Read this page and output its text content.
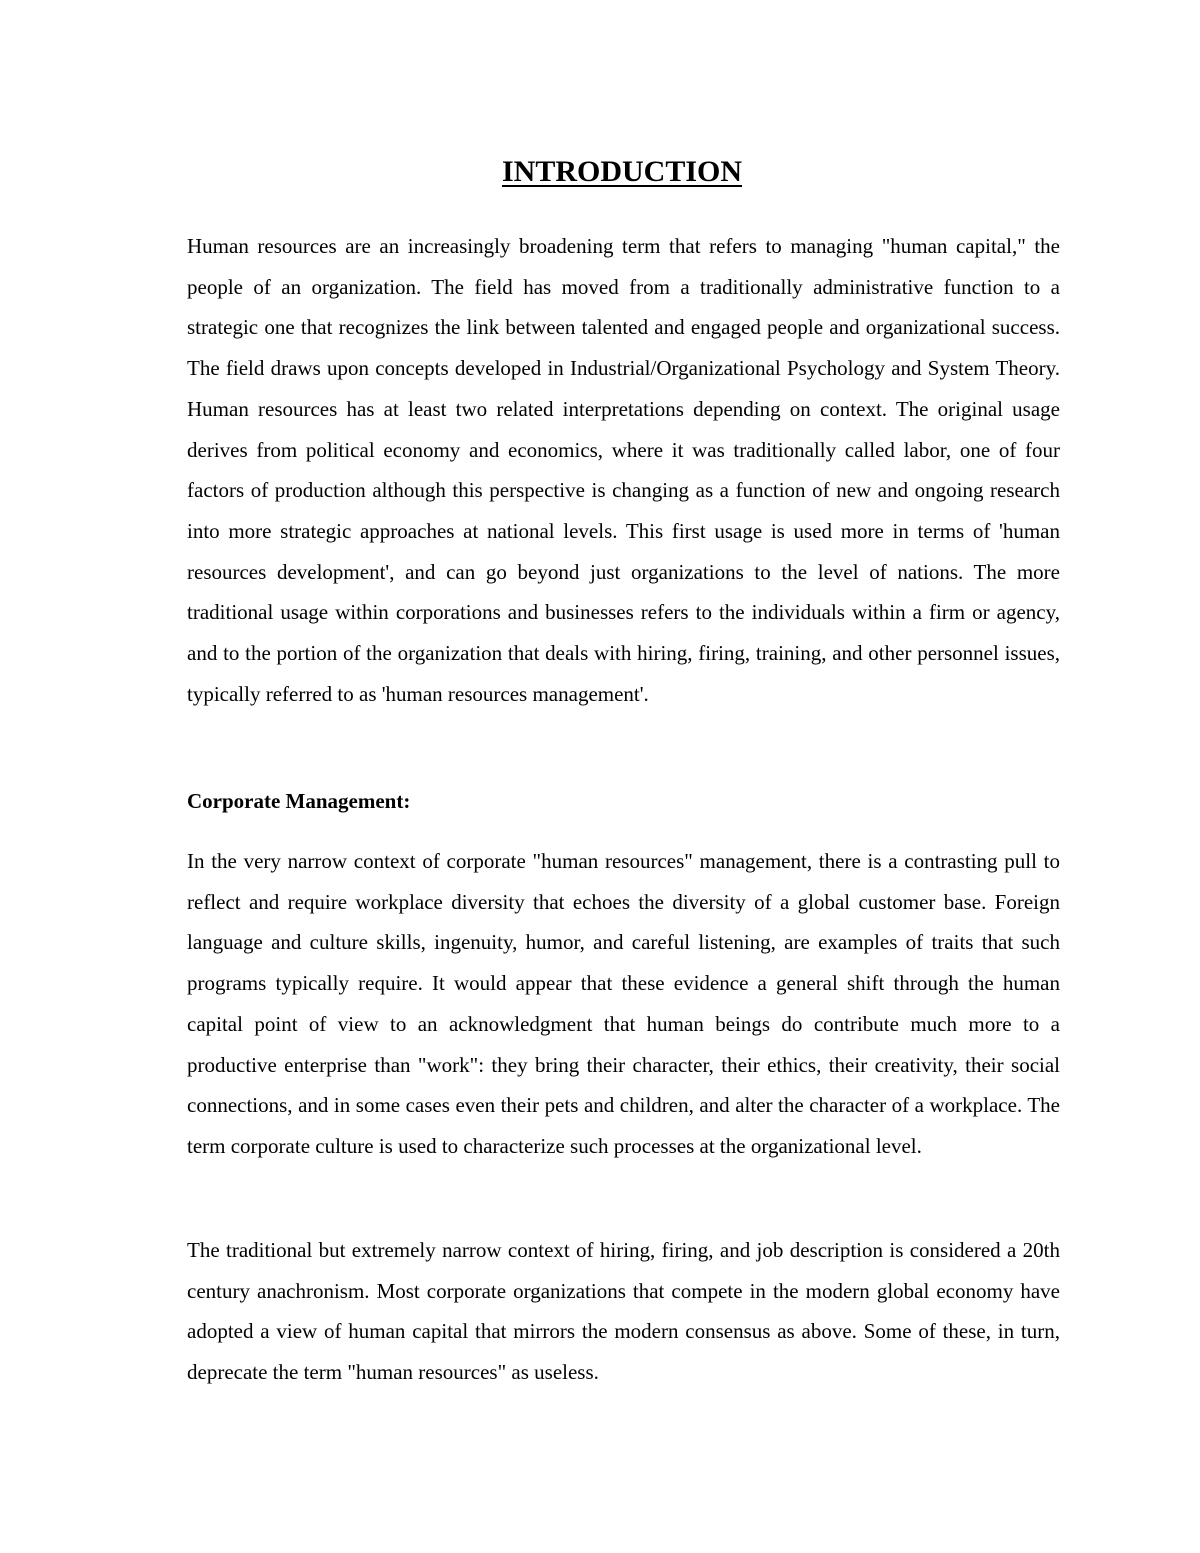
INTRODUCTION

Human resources are an increasingly broadening term that refers to managing "human capital," the people of an organization. The field has moved from a traditionally administrative function to a strategic one that recognizes the link between talented and engaged people and organizational success. The field draws upon concepts developed in Industrial/Organizational Psychology and System Theory. Human resources has at least two related interpretations depending on context. The original usage derives from political economy and economics, where it was traditionally called labor, one of four factors of production although this perspective is changing as a function of new and ongoing research into more strategic approaches at national levels. This first usage is used more in terms of 'human resources development', and can go beyond just organizations to the level of nations. The more traditional usage within corporations and businesses refers to the individuals within a firm or agency, and to the portion of the organization that deals with hiring, firing, training, and other personnel issues, typically referred to as 'human resources management'.

Corporate Management:

In the very narrow context of corporate "human resources" management, there is a contrasting pull to reflect and require workplace diversity that echoes the diversity of a global customer base. Foreign language and culture skills, ingenuity, humor, and careful listening, are examples of traits that such programs typically require. It would appear that these evidence a general shift through the human capital point of view to an acknowledgment that human beings do contribute much more to a productive enterprise than "work": they bring their character, their ethics, their creativity, their social connections, and in some cases even their pets and children, and alter the character of a workplace. The term corporate culture is used to characterize such processes at the organizational level.

The traditional but extremely narrow context of hiring, firing, and job description is considered a 20th century anachronism. Most corporate organizations that compete in the modern global economy have adopted a view of human capital that mirrors the modern consensus as above. Some of these, in turn, deprecate the term "human resources" as useless.
